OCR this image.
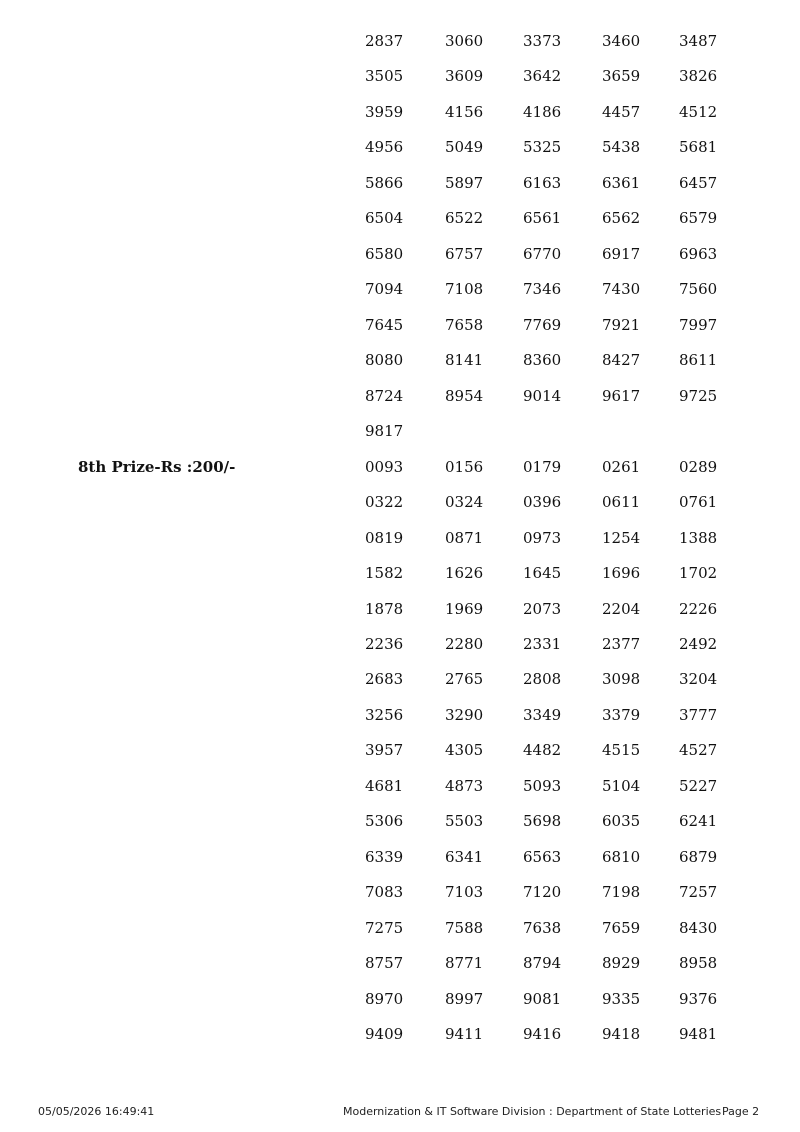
2837	3060	3373	3460	3487
3505	3609	3642	3659	3826
3959	4156	4186	4457	4512
4956	5049	5325	5438	5681
5866	5897	6163	6361	6457
6504	6522	6561	6562	6579
6580	6757	6770	6917	6963
7094	7108	7346	7430	7560
7645	7658	7769	7921	7997
8080	8141	8360	8427	8611
8724	8954	9014	9617	9725
9817
8th Prize-Rs :200/-	0093	0156	0179	0261	0289
0322	0324	0396	0611	0761
0819	0871	0973	1254	1388
1582	1626	1645	1696	1702
1878	1969	2073	2204	2226
2236	2280	2331	2377	2492
2683	2765	2808	3098	3204
3256	3290	3349	3379	3777
3957	4305	4482	4515	4527
4681	4873	5093	5104	5227
5306	5503	5698	6035	6241
6339	6341	6563	6810	6879
7083	7103	7120	7198	7257
7275	7588	7638	7659	8430
8757	8771	8794	8929	8958
8970	8997	9081	9335	9376
9409	9411	9416	9418	9481
05/05/2026 16:49:41	Modernization & IT Software Division : Department of State Lotteries Page 2
